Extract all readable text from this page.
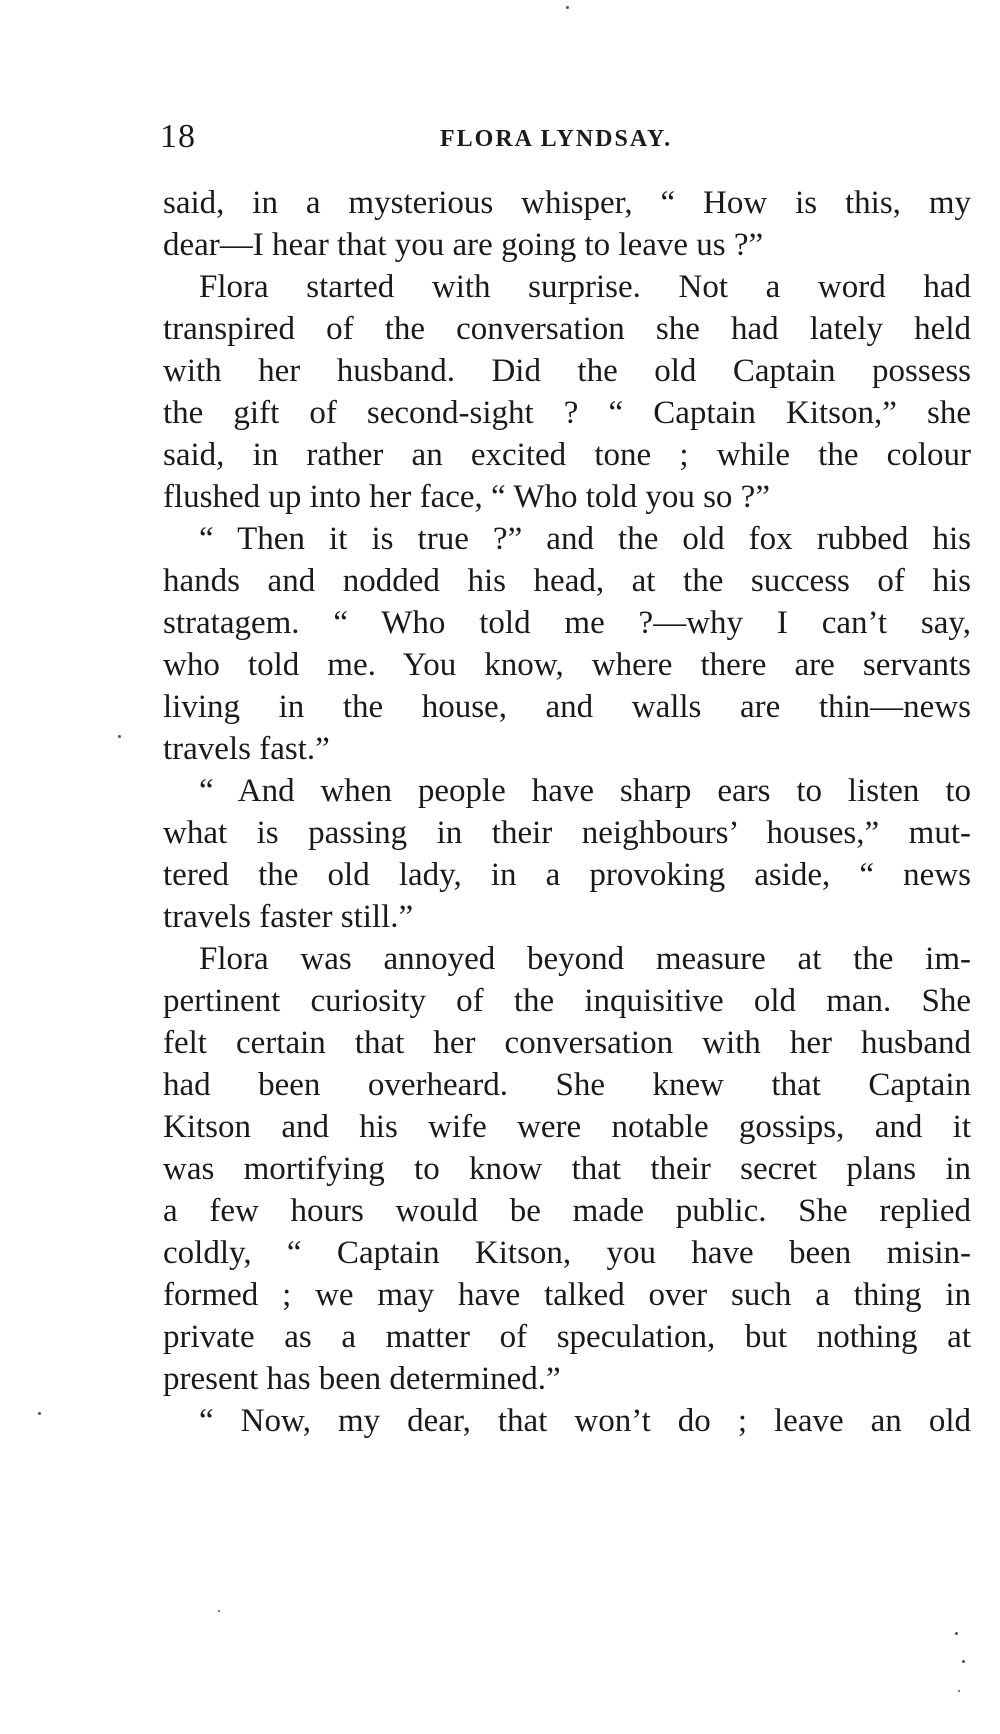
18	FLORA LYNDSAY.
said, in a mysterious whisper, “ How is this, my
dear—I hear that you are going to leave us ?”
Flora started with surprise. Not a word had
transpired of the conversation she had lately held
with her husband. Did the old Captain possess
the gift of second-sight ? “ Captain Kitson,” she
said, in rather an excited tone ; while the colour
flushed up into her face, “ Who told you so ?”
“ Then it is true ?” and the old fox rubbed his
hands and nodded his head, at the success of his
stratagem. “ Who told me ?—why I can’t say,
who told me. You know, where there are servants
living in the house, and walls are thin—news
travels fast.”
“ And when people have sharp ears to listen to
what is passing in their neighbours’ houses,” mut-
tered the old lady, in a provoking aside, “ news
travels faster still.”
Flora was annoyed beyond measure at the im-
pertinent curiosity of the inquisitive old man. She
felt certain that her conversation with her husband
had been overheard. She knew that Captain
Kitson and his wife were notable gossips, and it
was mortifying to know that their secret plans in
a few hours would be made public. She replied
coldly, “ Captain Kitson, you have been misin-
formed ; we may have talked over such a thing in
private as a matter of speculation, but nothing at
present has been determined.”
“ Now, my dear, that won’t do ; leave an old
